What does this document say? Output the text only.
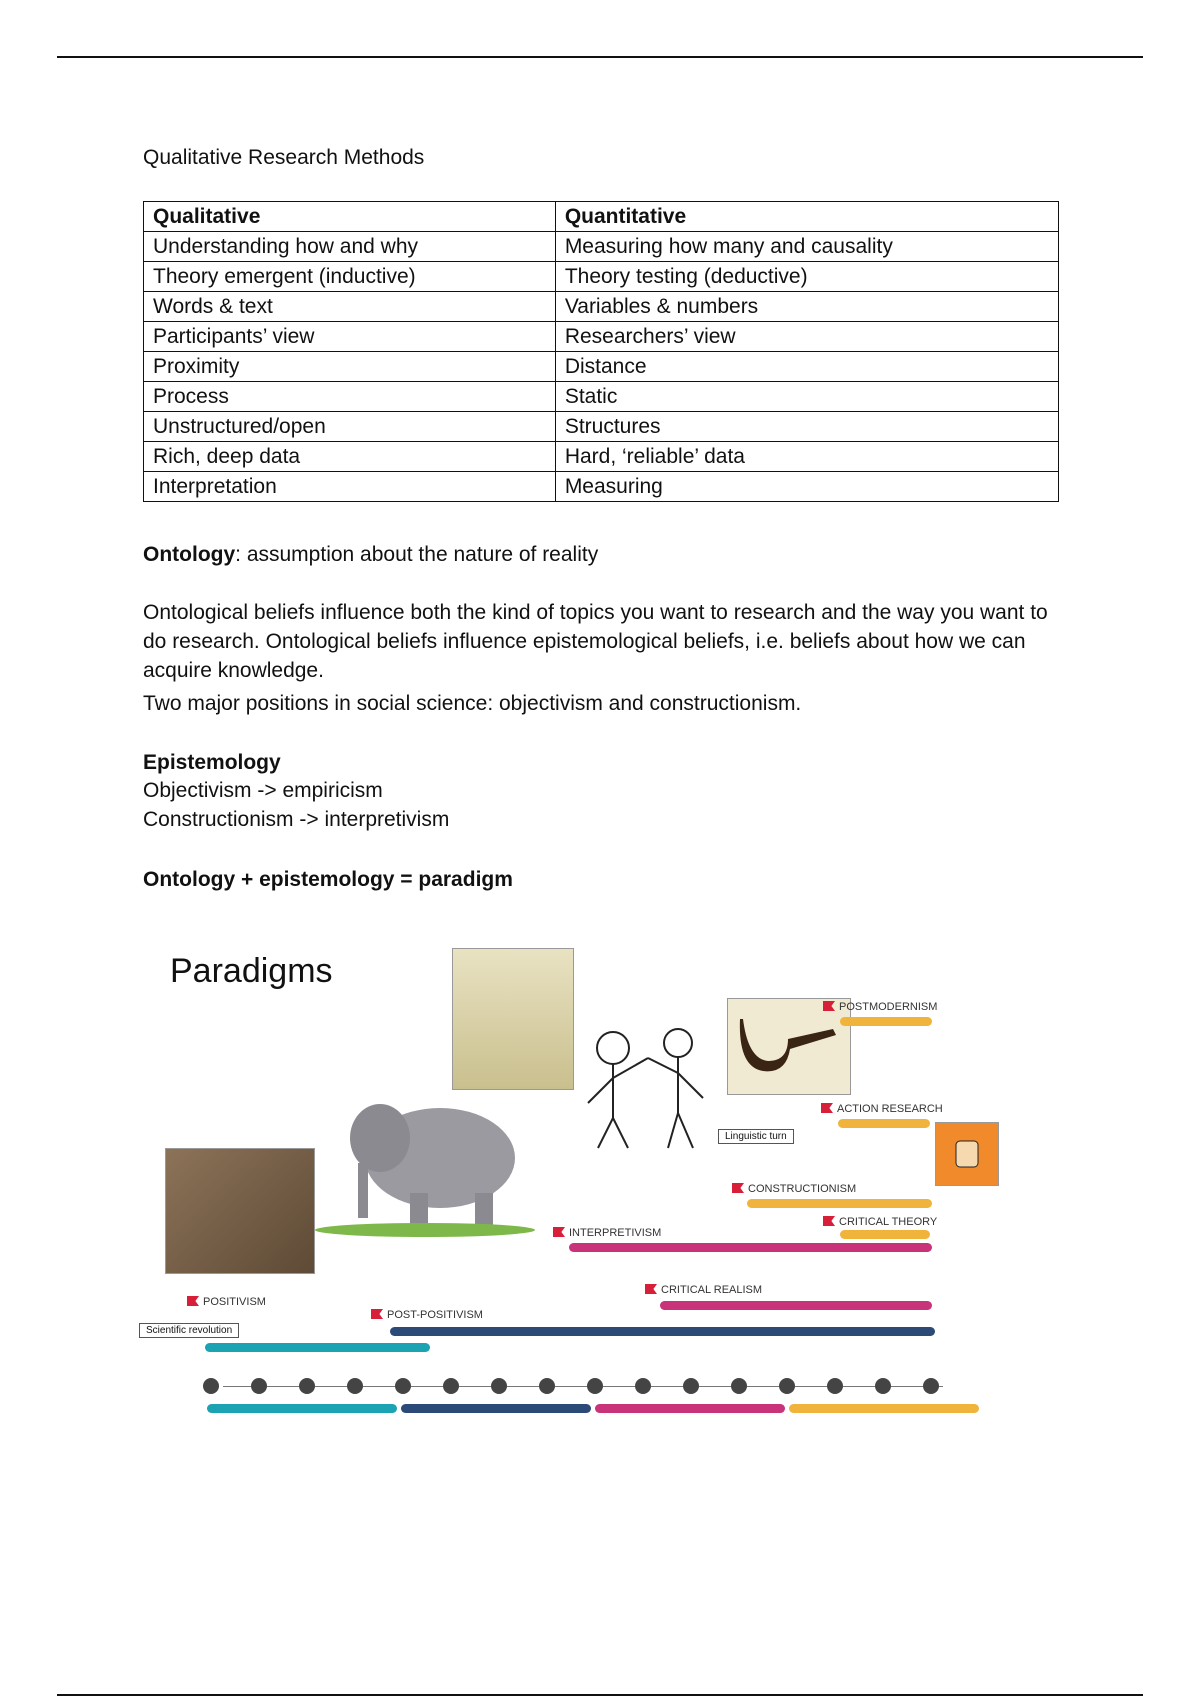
Qualitative Research Methods
Qualitative	Quantitative
Understanding how and why	Measuring how many and causality
Theory emergent (inductive)	Theory testing (deductive)
Words & text	Variables & numbers
Participants’ view	Researchers’ view
Proximity	Distance
Process	Static
Unstructured/open	Structures
Rich, deep data	Hard, ‘reliable’ data
Interpretation	Measuring
Ontology: assumption about the nature of reality
Ontological beliefs influence both the kind of topics you want to research and the way you want to do research. Ontological beliefs influence epistemological beliefs, i.e. beliefs about how we can acquire knowledge.
Two major positions in social science: objectivism and constructionism.
Epistemology
Objectivism -> empiricism
Constructionism -> interpretivism
Ontology + epistemology = paradigm
Paradigms
POSTMODERNISM
ACTION RESEARCH
CONSTRUCTIONISM
CRITICAL THEORY
INTERPRETIVISM
CRITICAL REALISM
POSITIVISM
POST-POSITIVISM
Scientific revolution
Linguistic turn
